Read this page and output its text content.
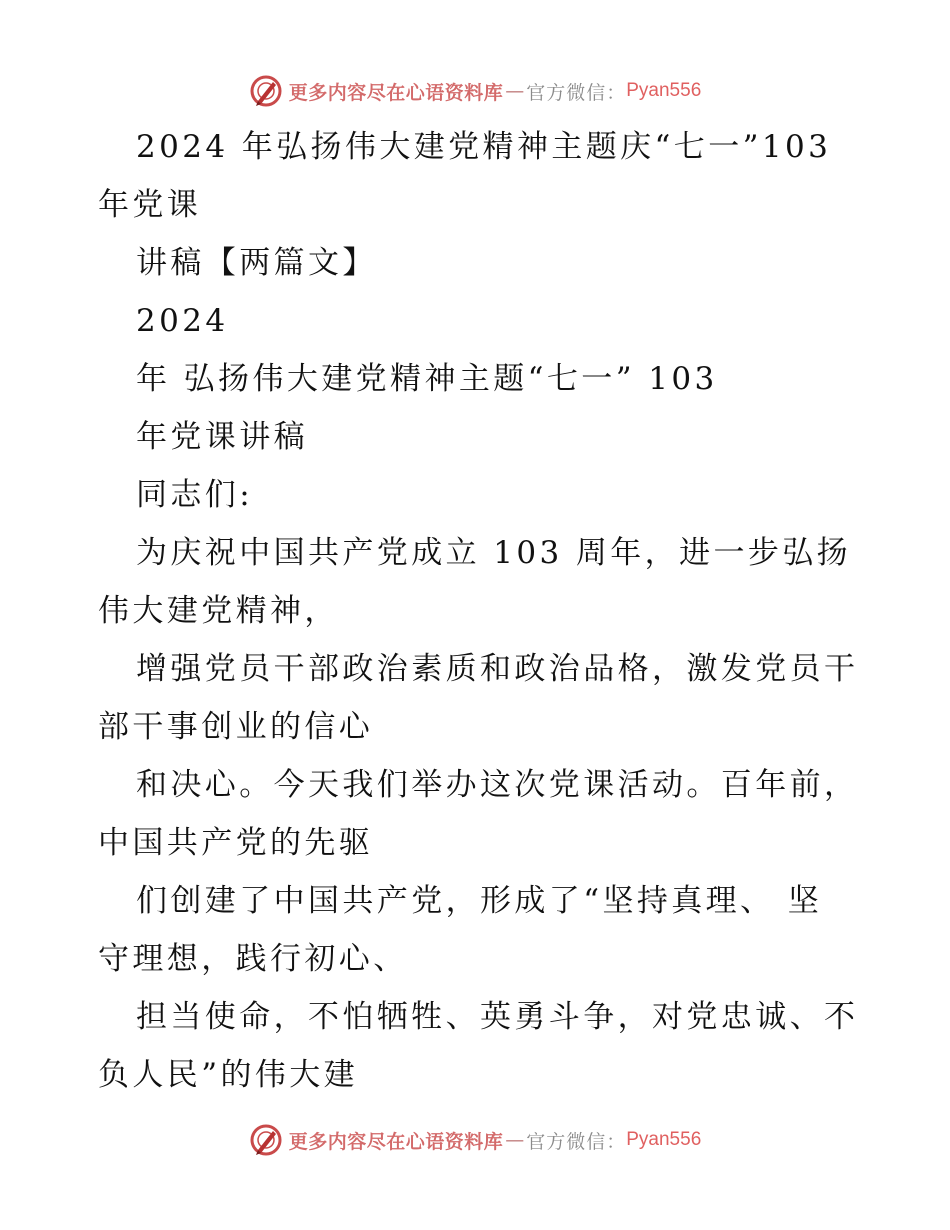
更多内容尽在心语资料库 — 官方微信： Pyan556
2024 年弘扬伟大建党精神主题庆“七一”103
年党课
讲稿【两篇文】
2024
年 弘扬伟大建党精神主题“七一” 103
年党课讲稿
同志们:
为庆祝中国共产党成立 103 周年，进一步弘扬
伟大建党精神，
增强党员干部政治素质和政治品格，激发党员干
部干事创业的信心
和决心。今天我们举办这次党课活动。百年前，
中国共产党的先驱
们创建了中国共产党，形成了“坚持真理、 坚
守理想，践行初心、
担当使命，不怕牺牲、英勇斗争，对党忠诚、不
负人民”的伟大建
更多内容尽在心语资料库 — 官方微信： Pyan556
